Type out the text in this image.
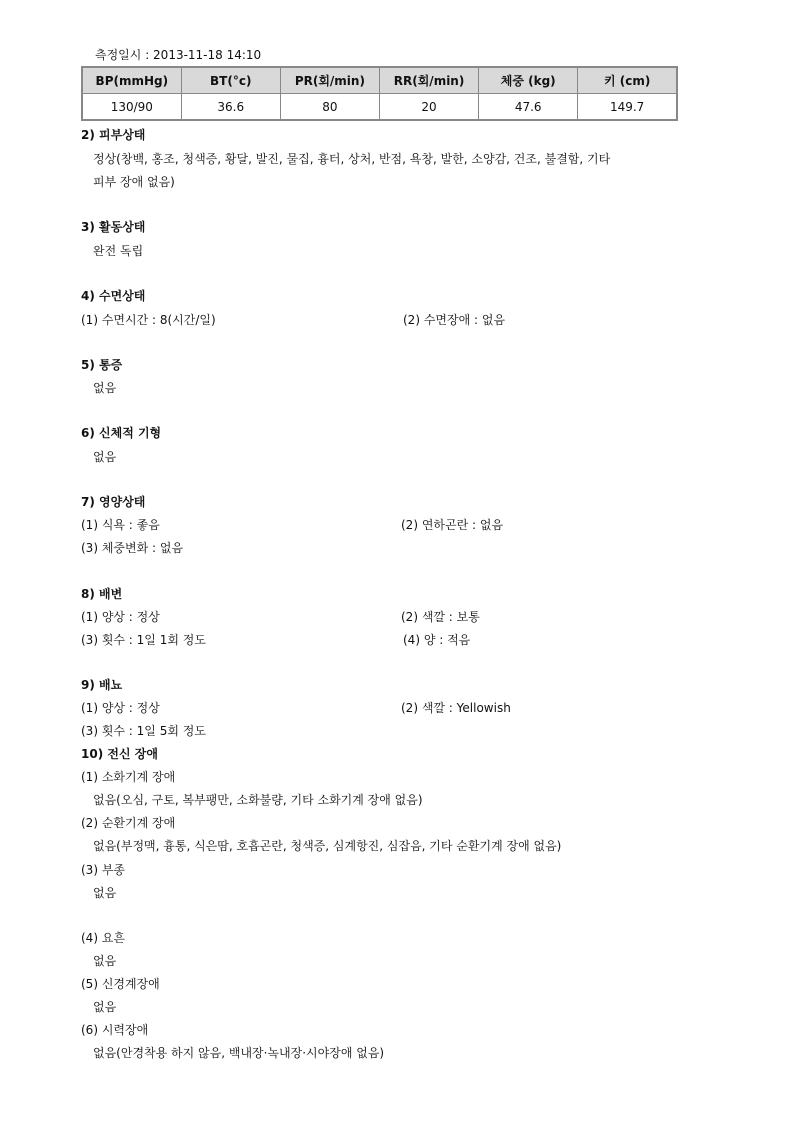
측정일시 : 2013-11-18 14:10
BP(mmHg)	BT(°c)	PR(회/min)	RR(회/min)	체중 (kg)	키 (cm)
130/90	36.6	80	20	47.6	149.7
2) 피부상태
정상(창백, 홍조, 청색증, 황달, 발진, 물집, 흉터, 상처, 반점, 욕창, 발한, 소양감, 건조, 불결함, 기타
피부 장애 없음)
3) 활동상태
완전 독립
4) 수면상태
(1) 수면시간 : 8(시간/일)	(2) 수면장애 : 없음
5) 통증
없음
6) 신체적 기형
없음
7) 영양상태
(1) 식욕 : 좋음	(2) 연하곤란 : 없음
(3) 체중변화 : 없음
8) 배변
(1) 양상 : 정상	(2) 색깔 : 보통
(3) 횟수 : 1일 1회 정도	(4) 양 : 적음
9) 배뇨
(1) 양상 : 정상	(2) 색깔 : Yellowish
(3) 횟수 : 1일 5회 정도
10) 전신 장애
(1) 소화기계 장애
없음(오심, 구토, 복부팽만, 소화불량, 기타 소화기계 장애 없음)
(2) 순환기계 장애
없음(부정맥, 흉통, 식은땀, 호흡곤란, 청색증, 심계항진, 심잡음, 기타 순환기계 장애 없음)
(3) 부종
없음
(4) 요흔
없음
(5) 신경계장애
없음
(6) 시력장애
없음(안경착용 하지 않음, 백내장·녹내장·시야장애 없음)
